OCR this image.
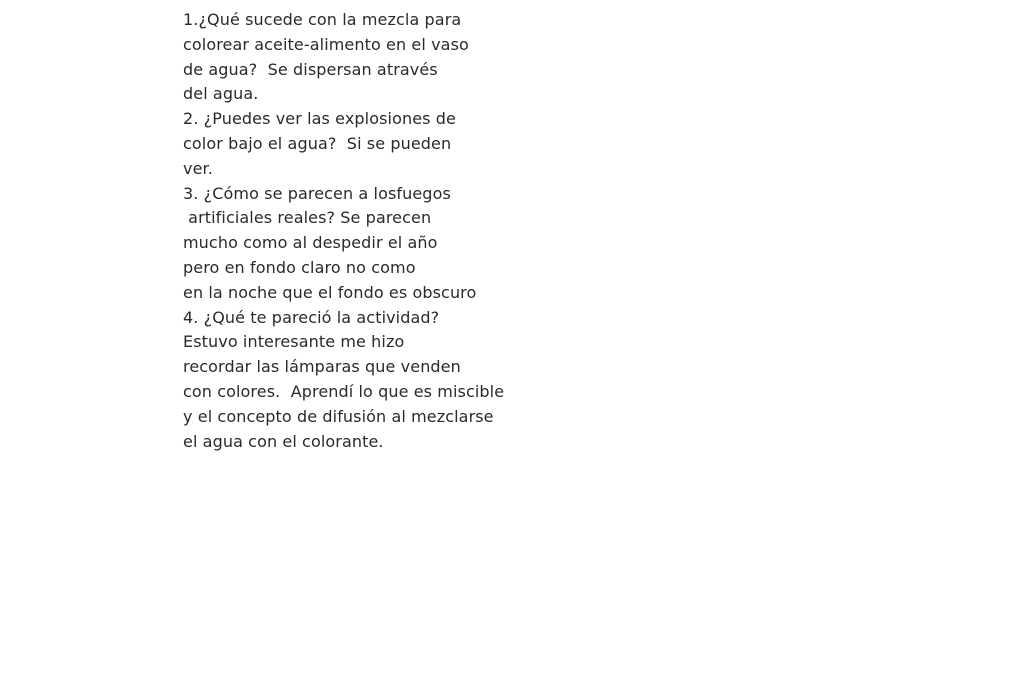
1.¿Qué sucede con la mezcla para
colorear aceite-alimento en el vaso
de agua?  Se dispersan através
del agua.
2. ¿Puedes ver las explosiones de
color bajo el agua?  Si se pueden
ver.
3. ¿Cómo se parecen a losfuegos
artificiales reales? Se parecen
mucho como al despedir el año
pero en fondo claro no como
en la noche que el fondo es obscuro
4. ¿Qué te pareció la actividad?
Estuvo interesante me hizo
recordar las lámparas que venden
con colores.  Aprendí lo que es miscible
y el concepto de difusión al mezclarse
el agua con el colorante.
